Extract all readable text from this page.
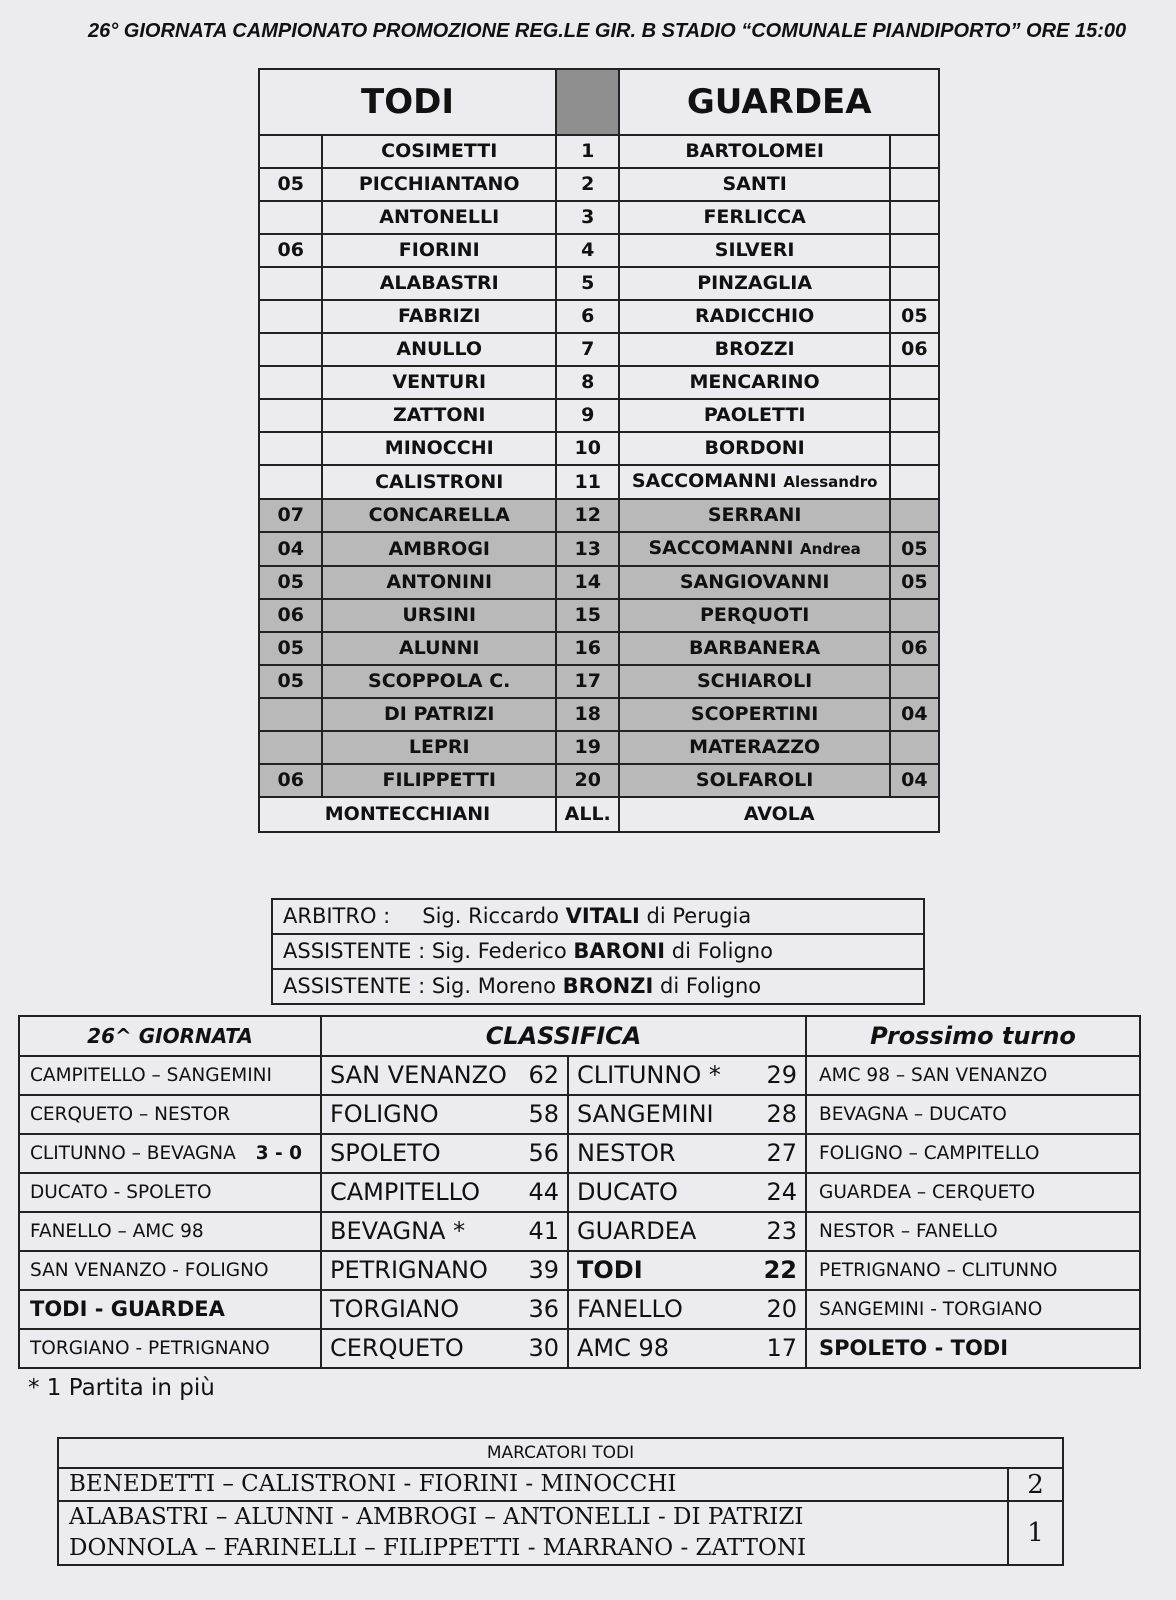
26° GIORNATA CAMPIONATO PROMOZIONE REG.LE GIR. B STADIO “COMUNALE PIANDIPORTO” ORE 15:00
TODI			GUARDEA	
	COSIMETTI	1	BARTOLOMEI	
05	PICCHIANTANO	2	SANTI	
	ANTONELLI	3	FERLICCA	
06	FIORINI	4	SILVERI	
	ALABASTRI	5	PINZAGLIA	
	FABRIZI	6	RADICCHIO	05
	ANULLO	7	BROZZI	06
	VENTURI	8	MENCARINO	
	ZATTONI	9	PAOLETTI	
	MINOCCHI	10	BORDONI	
	CALISTRONI	11	SACCOMANNI Alessandro	
07	CONCARELLA	12	SERRANI	
04	AMBROGI	13	SACCOMANNI Andrea	05
05	ANTONINI	14	SANGIOVANNI	05
06	URSINI	15	PERQUOTI	
05	ALUNNI	16	BARBANERA	06
05	SCOPPOLA C.	17	SCHIAROLI	
	DI PATRIZI	18	SCOPERTINI	04
	LEPRI	19	MATERAZZO	
06	FILIPPETTI	20	SOLFAROLI	04
MONTECCHIANI		ALL.	AVOLA	
ARBITRO : Sig. Riccardo VITALI di Perugia
ASSISTENTE : Sig. Federico BARONI di Foligno
ASSISTENTE : Sig. Moreno BRONZI di Foligno
26^ GIORNATA	CLASSIFICA		Prossimo turno
CAMPITELLO – SANGEMINI	SAN VENANZO 62	CLITUNNO * 29	AMC 98 – SAN VENANZO
CERQUETO – NESTOR	FOLIGNO 58	SANGEMINI 28	BEVAGNA – DUCATO
CLITUNNO – BEVAGNA 3 - 0	SPOLETO 56	NESTOR 27	FOLIGNO – CAMPITELLO
DUCATO - SPOLETO	CAMPITELLO 44	DUCATO 24	GUARDEA – CERQUETO
FANELLO – AMC 98	BEVAGNA * 41	GUARDEA 23	NESTOR – FANELLO
SAN VENANZO - FOLIGNO	PETRIGNANO 39	TODI 22	PETRIGNANO – CLITUNNO
TODI - GUARDEA	TORGIANO 36	FANELLO 20	SANGEMINI - TORGIANO
TORGIANO - PETRIGNANO	CERQUETO 30	AMC 98 17	SPOLETO - TODI
* 1 Partita in più
MARCATORI TODI	
BENEDETTI – CALISTRONI - FIORINI - MINOCCHI	2

ALABASTRI – ALUNNI - AMBROGI – ANTONELLI - DI PATRIZI
DONNOLA – FARINELLI – FILIPPETTI - MARRANO - ZATTONI	1
